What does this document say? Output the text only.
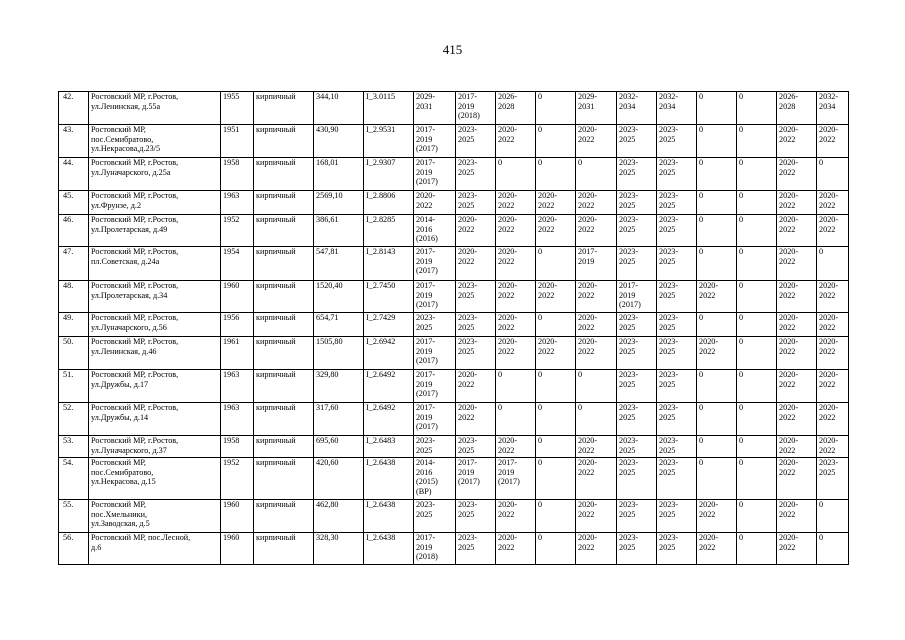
415
42.	Ростовский МР, г.Ростов,
ул.Ленинская, д.55а	1955	кирпичный	344,10	I_3.0115	2029-
2031	2017-
2019
(2018)	2026-
2028	0	2029-
2031	2032-
2034	2032-
2034	0	0	2026-
2028	2032-
2034
43.	Ростовский МР,
пос.Семибратово,
ул.Некрасова,д.23/5	1951	кирпичный	430,90	I_2.9531	2017-
2019
(2017)	2023-
2025	2020-
2022	0	2020-
2022	2023-
2025	2023-
2025	0	0	2020-
2022	2020-
2022
44.	Ростовский МР, г.Ростов,
ул.Луначарского, д.25а	1958	кирпичный	168,01	I_2.9307	2017-
2019
(2017)	2023-
2025	0	0	0	2023-
2025	2023-
2025	0	0	2020-
2022	0
45.	Ростовский МР, г.Ростов,
ул.Фрунзе, д.2	1963	кирпичный	2569,10	I_2.8806	2020-
2022	2023-
2025	2020-
2022	2020-
2022	2020-
2022	2023-
2025	2023-
2025	0	0	2020-
2022	2020-
2022
46.	Ростовский МР, г.Ростов,
ул.Пролетарская, д.49	1952	кирпичный	386,61	I_2.8285	2014-
2016
(2016)	2020-
2022	2020-
2022	2020-
2022	2020-
2022	2023-
2025	2023-
2025	0	0	2020-
2022	2020-
2022
47.	Ростовский МР, г.Ростов,
пл.Советская, д.24а	1954	кирпичный	547,81	I_2.8143	2017-
2019
(2017)	2020-
2022	2020-
2022	0	2017-
2019	2023-
2025	2023-
2025	0	0	2020-
2022	0
48.	Ростовский МР, г.Ростов,
ул.Пролетарская, д.34	1960	кирпичный	1520,40	I_2.7450	2017-
2019
(2017)	2023-
2025	2020-
2022	2020-
2022	2020-
2022	2017-
2019
(2017)	2023-
2025	2020-
2022	0	2020-
2022	2020-
2022
49.	Ростовский МР, г.Ростов,
ул.Луначарского, д.56	1956	кирпичный	654,71	I_2.7429	2023-
2025	2023-
2025	2020-
2022	0	2020-
2022	2023-
2025	2023-
2025	0	0	2020-
2022	2020-
2022
50.	Ростовский МР, г.Ростов,
ул.Ленинская, д.46	1961	кирпичный	1505,80	I_2.6942	2017-
2019
(2017)	2023-
2025	2020-
2022	2020-
2022	2020-
2022	2023-
2025	2023-
2025	2020-
2022	0	2020-
2022	2020-
2022
51.	Ростовский МР, г.Ростов,
ул.Дружбы, д.17	1963	кирпичный	329,80	I_2.6492	2017-
2019
(2017)	2020-
2022	0	0	0	2023-
2025	2023-
2025	0	0	2020-
2022	2020-
2022
52.	Ростовский МР, г.Ростов,
ул.Дружбы, д.14	1963	кирпичный	317,60	I_2.6492	2017-
2019
(2017)	2020-
2022	0	0	0	2023-
2025	2023-
2025	0	0	2020-
2022	2020-
2022
53.	Ростовский МР, г.Ростов,
ул.Луначарского, д.37	1958	кирпичный	695,60	I_2.6483	2023-
2025	2023-
2025	2020-
2022	0	2020-
2022	2023-
2025	2023-
2025	0	0	2020-
2022	2020-
2022
54.	Ростовский МР,
пос.Семибратово,
ул.Некрасова, д.15	1952	кирпичный	420,60	I_2.6438	2014-
2016
(2015)
(ВР)	2017-
2019
(2017)	2017-
2019
(2017)	0	2020-
2022	2023-
2025	2023-
2025	0	0	2020-
2022	2023-
2025
55.	Ростовский МР,
пос.Хмельники,
ул.Заводская, д.5	1960	кирпичный	462,80	I_2.6438	2023-
2025	2023-
2025	2020-
2022	0	2020-
2022	2023-
2025	2023-
2025	2020-
2022	0	2020-
2022	0
56.	Ростовский МР, пос.Лесной,
д.6	1960	кирпичный	328,30	I_2.6438	2017-
2019
(2018)	2023-
2025	2020-
2022	0	2020-
2022	2023-
2025	2023-
2025	2020-
2022	0	2020-
2022	0
